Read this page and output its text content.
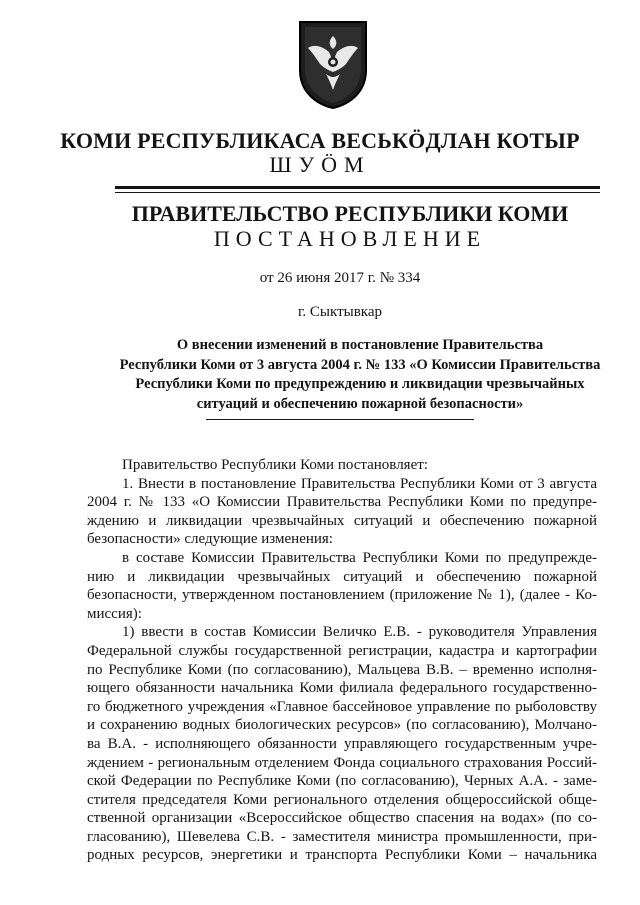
КОМИ РЕСПУБЛИКАСА ВЕСЬКӦДЛАН КОТЫР
ШУӦМ
ПРАВИТЕЛЬСТВО РЕСПУБЛИКИ КОМИ
ПОСТАНОВЛЕНИЕ
от 26 июня 2017 г. № 334
г. Сыктывкар
О внесении изменений в постановление Правительства
Республики Коми от 3 августа 2004 г. № 133 «О Комиссии Правительства
Республики Коми по предупреждению и ликвидации чрезвычайных
ситуаций и обеспечению пожарной безопасности»

Правительство Республики Коми постановляет:

1. Внести в постановление Правительства Республики Коми от 3 августа

2004 г. № 133 «О Комиссии Правительства Республики Коми по предупре-

ждению и ликвидации чрезвычайных ситуаций и обеспечению пожарной

безопасности» следующие изменения:

в составе Комиссии Правительства Республики Коми по предупрежде-

нию и ликвидации чрезвычайных ситуаций и обеспечению пожарной

безопасности, утвержденном постановлением (приложение № 1), (далее - Ко-

миссия):

1) ввести в состав Комиссии Величко Е.В. - руководителя Управления

Федеральной службы государственной регистрации, кадастра и картографии

по Республике Коми (по согласованию), Мальцева В.В. – временно исполня-

ющего обязанности начальника Коми филиала федерального государственно-

го бюджетного учреждения «Главное бассейновое управление по рыболовству

и сохранению водных биологических ресурсов» (по согласованию), Молчано-

ва В.А. - исполняющего обязанности управляющего государственным учре-

ждением - региональным отделением Фонда социального страхования Россий-

ской Федерации по Республике Коми (по согласованию), Черных А.А. - заме-

стителя председателя Коми регионального отделения общероссийской обще-

ственной организации «Всероссийское общество спасения на водах» (по со-

гласованию), Шевелева С.В. - заместителя министра промышленности, при-

родных ресурсов, энергетики и транспорта Республики Коми – начальника
